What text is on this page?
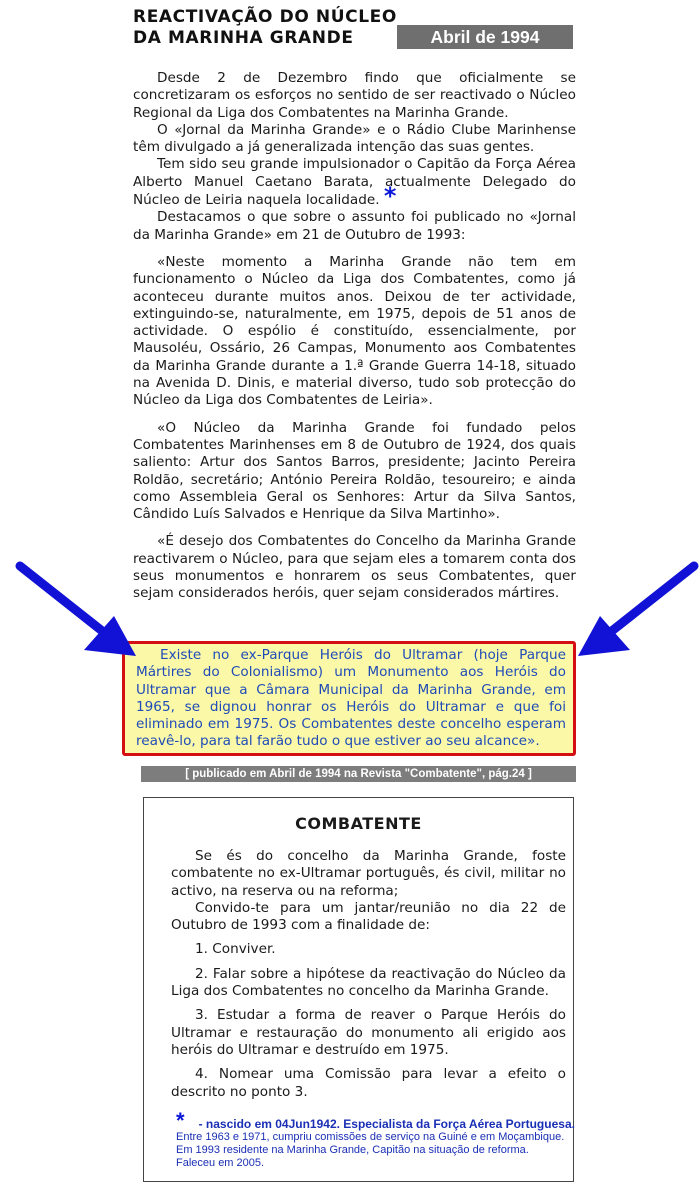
REACTIVAÇÃO DO NÚCLEO
DA MARINHA GRANDE	Abril de 1994

Desde 2 de Dezembro findo que oficialmente se concretizaram os esforços no sentido de ser reactivado o Núcleo Regional da Liga dos Combatentes na Marinha Grande.

O «Jornal da Marinha Grande» e o Rádio Clube Marinhense têm divulgado a já generalizada intenção das suas gentes.

Tem sido seu grande impulsionador o Capitão da Força Aérea Alberto Manuel Caetano Barata, actualmente Delegado do Núcleo de Leiria naquela localidade. *

Destacamos o que sobre o assunto foi publicado no «Jornal da Marinha Grande» em 21 de Outubro de 1993:

«Neste momento a Marinha Grande não tem em funcionamento o Núcleo da Liga dos Combatentes, como já aconteceu durante muitos anos. Deixou de ter actividade, extinguindo-se, naturalmente, em 1975, depois de 51 anos de actividade. O espólio é constituído, essencialmente, por Mausoléu, Ossário, 26 Campas, Monumento aos Combatentes da Marinha Grande durante a 1.ª Grande Guerra 14-18, situado na Avenida D. Dinis, e material diverso, tudo sob protecção do Núcleo da Liga dos Combatentes de Leiria».

«O Núcleo da Marinha Grande foi fundado pelos Combatentes Marinhenses em 8 de Outubro de 1924, dos quais saliento: Artur dos Santos Barros, presidente; Jacinto Pereira Roldão, secretário; António Pereira Roldão, tesoureiro; e ainda como Assembleia Geral os Senhores: Artur da Silva Santos, Cândido Luís Salvados e Henrique da Silva Martinho».

«É desejo dos Combatentes do Concelho da Marinha Grande reactivarem o Núcleo, para que sejam eles a tomarem conta dos seus monumentos e honrarem os seus Combatentes, quer sejam considerados heróis, quer sejam considerados mártires.

Existe no ex-Parque Heróis do Ultramar (hoje Parque Mártires do Colonialismo) um Monumento aos Heróis do Ultramar que a Câmara Municipal da Marinha Grande, em 1965, se dignou honrar os Heróis do Ultramar e que foi eliminado em 1975. Os Combatentes deste concelho esperam reavê-lo, para tal farão tudo o que estiver ao seu alcance».

[ publicado em Abril de 1994 na Revista "Combatente", pág.24 ]
COMBATENTE

Se és do concelho da Marinha Grande, foste combatente no ex-Ultramar português, és civil, militar no activo, na reserva ou na reforma;

Convido-te para um jantar/reunião no dia 22 de Outubro de 1993 com a finalidade de:

1. Conviver.

2. Falar sobre a hipótese da reactivação do Núcleo da Liga dos Combatentes no concelho da Marinha Grande.

3. Estudar a forma de reaver o Parque Heróis do Ultramar e restauração do monumento ali erigido aos heróis do Ultramar e destruído em 1975.

4. Nomear uma Comissão para levar a efeito o descrito no ponto 3.

* - nascido em 04Jun1942. Especialista da Força Aérea Portuguesa.
Entre 1963 e 1971, cumpriu comissões de serviço na Guiné e em Moçambique.
Em 1993 residente na Marinha Grande, Capitão na situação de reforma.
Faleceu em 2005.
